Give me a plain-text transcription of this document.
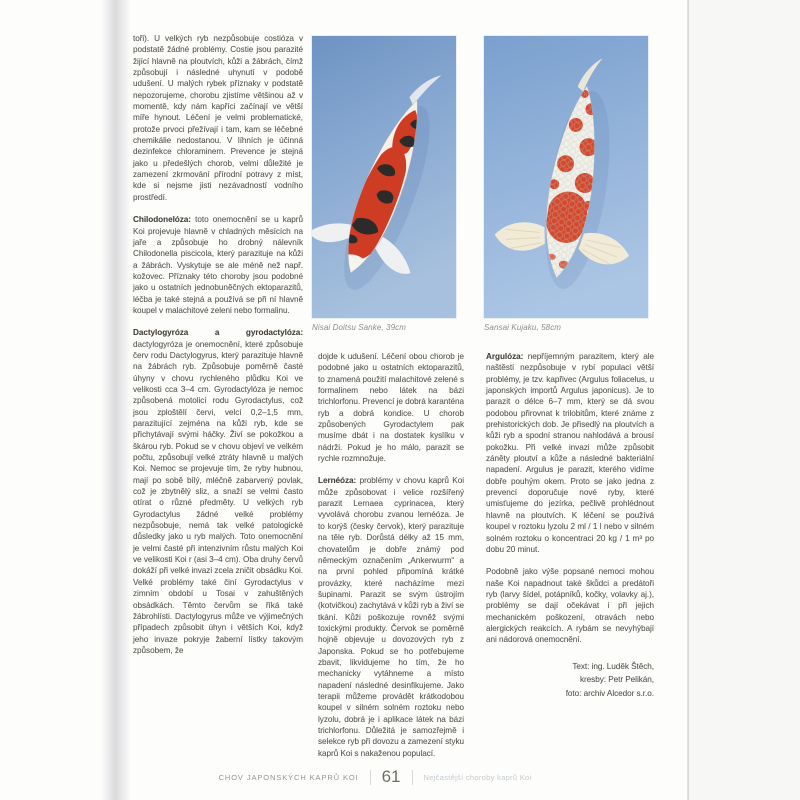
toři). U velkých ryb nezpůsobuje costióza v podstatě žádné problémy. Costie jsou parazité žijící hlavně na ploutvích, kůži a žábrách, čímž způsobují i následné uhynutí v podobě udušení. U malých rybek příznaky v podstatě nepozorujeme, chorobu zjistíme většinou až v momentě, kdy nám kapříci začínají ve větší míře hynout. Léčení je velmi problematické, protože prvoci přežívají i tam, kam se léčebné chemikálie nedostanou. V líhních je účinná dezinfekce chloraminem. Prevence je stejná jako u předešlých chorob, velmi důležité je zamezení zkrmování přírodní potravy z míst, kde si nejsme jisti nezávadností vodního prostředí.

Chilodonelóza: toto onemocnění se u kaprů Koi projevuje hlavně v chladných měsících na jaře a způsobuje ho drobný nálevník Chilodonella piscicola, který parazituje na kůži a žábrách. Vyskytuje se ale méně než např. kožovec. Příznaky této choroby jsou podobné jako u ostatních jednobuněčných ektoparazitů, léčba je také stejná a používá se při ní hlavně koupel v malachitové zeleni nebo formalinu.

Dactylogyróza a gyrodactylóza: dactylogyróza je onemocnění, které způsobuje červ rodu Dactylogyrus, který parazituje hlavně na žábrách ryb. Způsobuje poměrně časté úhyny v chovu rychleného plůdku Koi ve velikosti cca 3–4 cm. Gyrodactylóza je nemoc způsobená motolicí rodu Gyrodactylus, což jsou zploštělí červi, velcí 0,2–1,5 mm, parazitující zejména na kůži ryb, kde se přichytávají svými háčky. Živí se pokožkou a škárou ryb. Pokud se v chovu objeví ve velkém počtu, způsobují velké ztráty hlavně u malých Koi. Nemoc se projevuje tím, že ryby hubnou, mají po sobě bílý, mléčně zabarvený povlak, což je zbytnělý sliz, a snaží se velmi často otírat o různé předměty. U velkých ryb Gyrodactylus žádné velké problémy nezpůsobuje, nemá tak velké patologické důsledky jako u ryb malých. Toto onemocnění je velmi časté při intenzivním růstu malých Koi ve velikosti Koi r (asi 3–4 cm). Oba druhy červů dokáží při velké invazi zcela zničit obsádku Koi. Velké problémy také činí Gyrodactylus v zimním období u Tosai v zahuštěných obsádkách. Těmto červům se říká také žábrohlísti. Dactylogyrus může ve výjimečných případech způsobit úhyn i větších Koi, když jeho invaze pokryje žaberní lístky takovým způsobem, že

Nisai Doitsu Sanke, 39cm	Sansai Kujaku, 58cm

dojde k udušení. Léčení obou chorob je podobné jako u ostatních ektoparazitů, to znamená použití malachitové zelené s formalinem nebo látek na bázi trichlorfonu. Prevencí je dobrá karanténa ryb a dobrá kondice. U chorob způsobených Gyrodactylem pak musíme dbát i na dostatek kyslíku v nádrži. Pokud je ho málo, parazit se rychle rozmnožuje.

Lernéóza: problémy v chovu kaprů Koi může způsobovat i velice rozšířený parazit Lernaea cyprinacea, který vyvolává chorobu zvanou lernéóza. Je to korýš (česky červok), který parazituje na těle ryb. Dorůstá délky až 15 mm, chovatelům je dobře známý pod německým označením „Ankerwurm“ a na první pohled připomíná krátké provázky, které nacházíme mezi šupinami. Parazit se svým ústrojím (kotvičkou) zachytává v kůži ryb a živí se tkání. Kůži poškozuje rovněž svými toxickými produkty. Červok se poměrně hojně objevuje u dovozových ryb z Japonska. Pokud se ho potřebujeme zbavit, likvidujeme ho tím, že ho mechanicky vytáhneme a místo napadení následné desinfikujeme. Jako terapii můžeme provádět krátkodobou koupel v silném solném roztoku nebo lyzolu, dobrá je i aplikace látek na bázi trichlorfonu. Důležitá je samozřejmě i selekce ryb při dovozu a zamezení styku kaprů Koi s nakaženou populací.

Argulóza: nepříjemným parazitem, který ale naštěstí nezpůsobuje v rybí populaci větší problémy, je tzv. kapřivec (Argulus foliacelus, u japonských importů Argulus japonicus). Je to parazit o délce 6–7 mm, který se dá svou podobou přirovnat k trilobitům, které známe z prehistorických dob. Je přisedlý na ploutvích a kůži ryb a spodní stranou nahlodává a brousí pokožku. Při velké invazi může způsobit záněty ploutví a kůže a následné bakteriální napadení. Argulus je parazit, kterého vidíme dobře pouhým okem. Proto se jako jedna z prevencí doporučuje nové ryby, které umisťujeme do jezírka, pečlivě prohlédnout hlavně na ploutvích. K léčení se používá koupel v roztoku lyzolu 2 ml / 1 l nebo v silném solném roztoku o koncentraci 20 kg / 1 m³ po dobu 20 minut.

Podobně jako výše popsané nemoci mohou naše Koi napadnout také škůdci a predátoři ryb (larvy šídel, potápníků, kočky, volavky aj.), problémy se dají očekávat i při jejich mechanickém poškození, otravách nebo alergických reakcích. A rybám se nevyhýbají ani nádorová onemocnění.

Text: ing. Luděk Štěch,
kresby: Petr Pelikán,
foto: archiv Alcedor s.r.o.
CHOV JAPONSKÝCH KAPRŮ KOI 61	Nejčastější choroby kaprů Koi
